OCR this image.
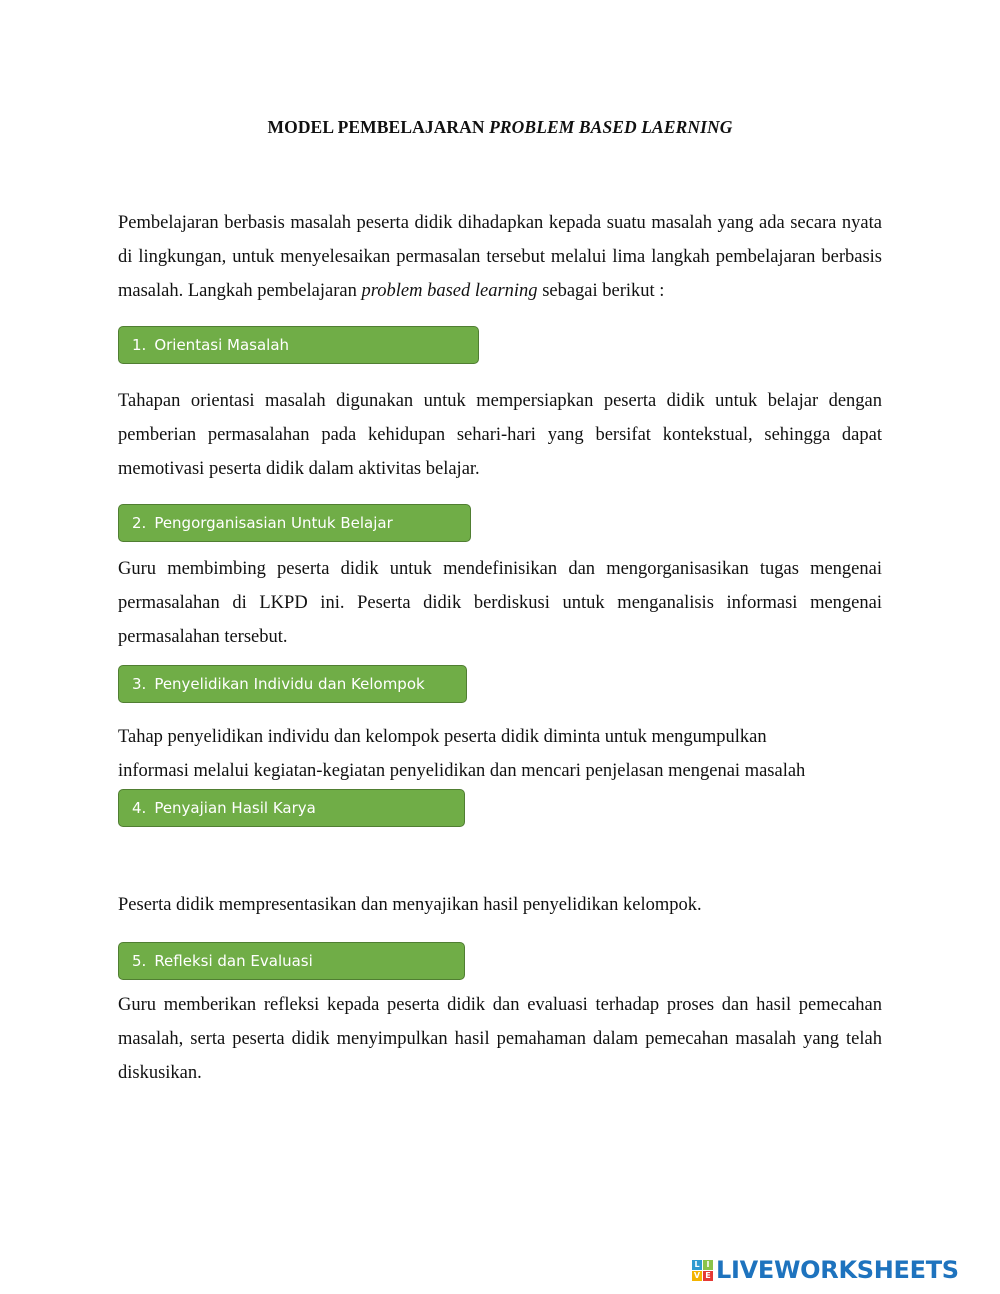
MODEL PEMBELAJARAN PROBLEM BASED LAERNING

Pembelajaran berbasis masalah peserta didik dihadapkan kepada suatu masalah yang ada secara nyata di lingkungan, untuk menyelesaikan permasalan tersebut melalui lima langkah pembelajaran berbasis masalah. Langkah pembelajaran problem based learning sebagai berikut :

1. Orientasi Masalah

Tahapan orientasi masalah digunakan untuk mempersiapkan peserta didik untuk belajar dengan pemberian permasalahan pada kehidupan sehari-hari yang bersifat kontekstual, sehingga dapat memotivasi peserta didik dalam aktivitas belajar.

2. Pengorganisasian Untuk Belajar

Guru membimbing peserta didik untuk mendefinisikan dan mengorganisasikan tugas mengenai permasalahan di LKPD ini. Peserta didik berdiskusi untuk menganalisis informasi mengenai permasalahan tersebut.

3. Penyelidikan Individu dan Kelompok

Tahap penyelidikan individu dan kelompok peserta didik diminta untuk mengumpulkan
informasi melalui kegiatan-kegiatan penyelidikan dan mencari penjelasan mengenai masalah

4. Penyajian Hasil Karya

Peserta didik mempresentasikan dan menyajikan hasil penyelidikan kelompok.

5. Refleksi dan Evaluasi

Guru memberikan refleksi kepada peserta didik dan evaluasi terhadap proses dan hasil pemecahan masalah, serta peserta didik menyimpulkan hasil pemahaman dalam pemecahan masalah yang telah diskusikan.

L I
V E LIVEWORKSHEETS
